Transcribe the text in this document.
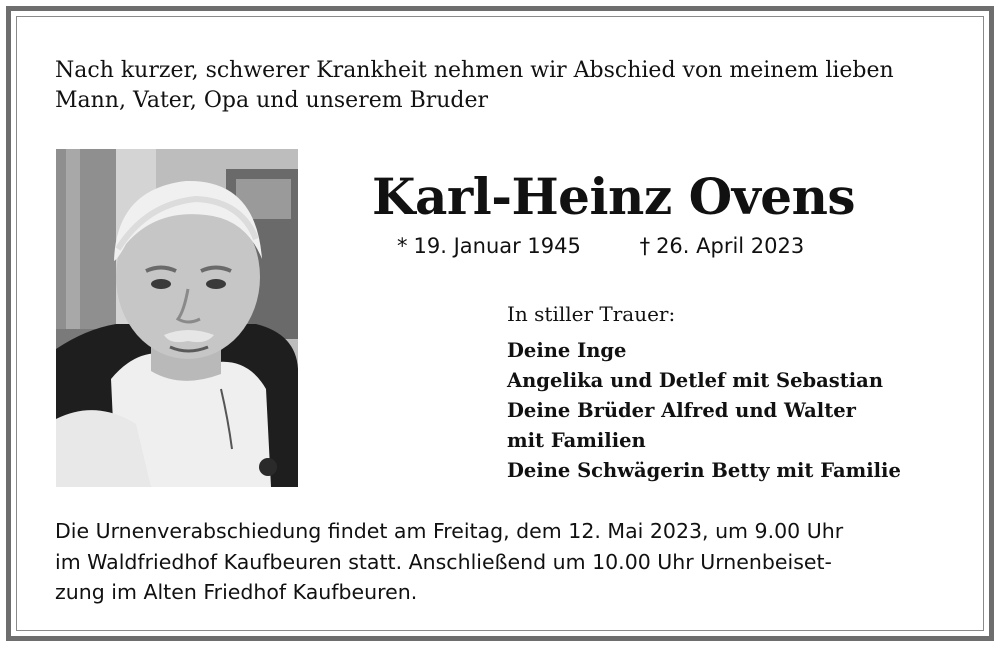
Nach kurzer, schwerer Krankheit nehmen wir Abschied von meinem lieben
Mann, Vater, Opa und unserem Bruder
Karl-Heinz Ovens
* 19. Januar 1945	† 26. April 2023
In stiller Trauer:
Deine Inge
Angelika und Detlef mit Sebastian
Deine Brüder Alfred und Walter
mit Familien
Deine Schwägerin Betty mit Familie
Die Urnenverabschiedung findet am Freitag, dem 12. Mai 2023, um 9.00 Uhr
im Waldfriedhof Kaufbeuren statt. Anschließend um 10.00 Uhr Urnenbeiset-
zung im Alten Friedhof Kaufbeuren.
